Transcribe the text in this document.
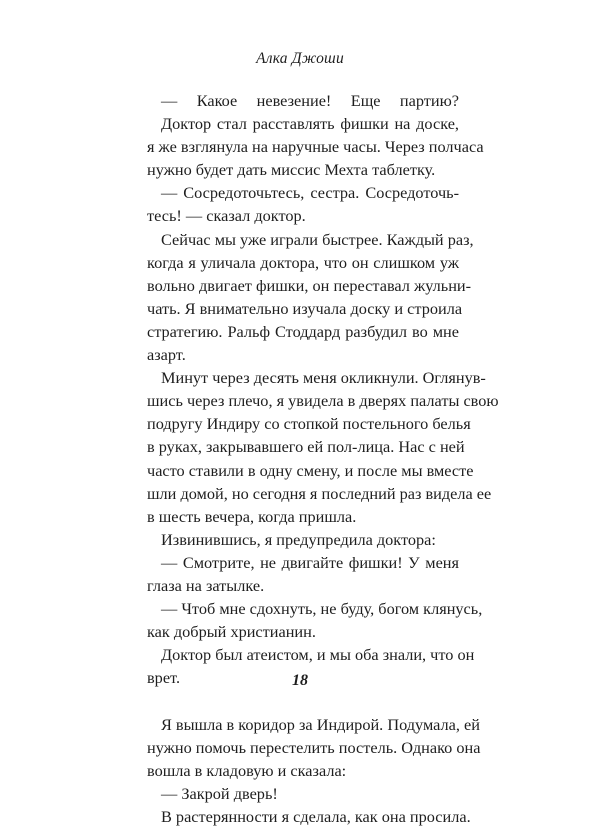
Алка Джоши
— Какое невезение! Еще партию?
Доктор стал расставлять фишки на доске,
я же взглянула на наручные часы. Через полчаса
нужно будет дать миссис Мехта таблетку.
— Сосредоточьтесь, сестра. Сосредоточь-
тесь! — сказал доктор.
Сейчас мы уже играли быстрее. Каждый раз,
когда я уличала доктора, что он слишком уж
вольно двигает фишки, он переставал жульни-
чать. Я внимательно изучала доску и строила
стратегию. Ральф Стоддард разбудил во мне
азарт.
Минут через десять меня окликнули. Оглянув-
шись через плечо, я увидела в дверях палаты свою
подругу Индиру со стопкой постельного белья
в руках, закрывавшего ей пол-лица. Нас с ней
часто ставили в одну смену, и после мы вместе
шли домой, но сегодня я последний раз видела ее
в шесть вечера, когда пришла.
Извинившись, я предупредила доктора:
— Смотрите, не двигайте фишки! У меня
глаза на затылке.
— Чтоб мне сдохнуть, не буду, богом клянусь,
как добрый христианин.
Доктор был атеистом, и мы оба знали, что он
врет.
Я вышла в коридор за Индирой. Подумала, ей
нужно помочь перестелить постель. Однако она
вошла в кладовую и сказала:
— Закрой дверь!
В растерянности я сделала, как она просила.
18
